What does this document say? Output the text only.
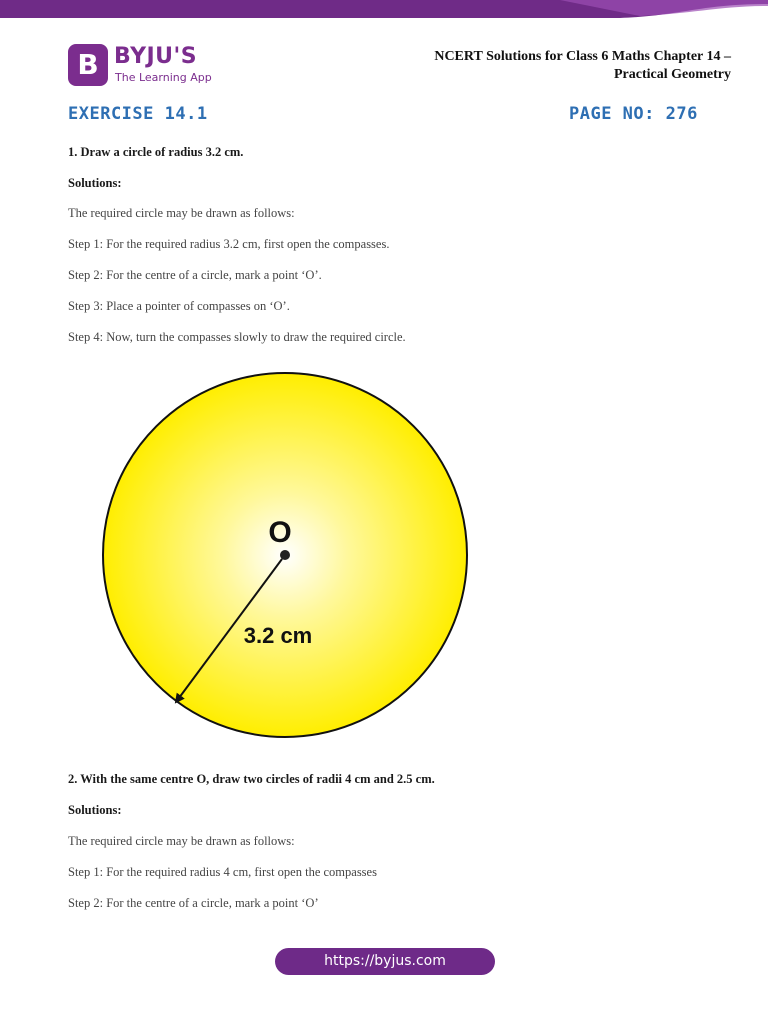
B BYJU'S
The Learning App
NCERT Solutions for Class 6 Maths Chapter 14 –
Practical Geometry
EXERCISE 14.1	PAGE NO: 276
1. Draw a circle of radius 3.2 cm.
Solutions:
The required circle may be drawn as follows:
Step 1: For the required radius 3.2 cm, first open the compasses.
Step 2: For the centre of a circle, mark a point ‘O’.
Step 3: Place a pointer of compasses on ‘O’.
Step 4: Now, turn the compasses slowly to draw the required circle.
O
3.2 cm
2. With the same centre O, draw two circles of radii 4 cm and 2.5 cm.
Solutions:
The required circle may be drawn as follows:
Step 1: For the required radius 4 cm, first open the compasses
Step 2: For the centre of a circle, mark a point ‘O’
https://byjus.com
